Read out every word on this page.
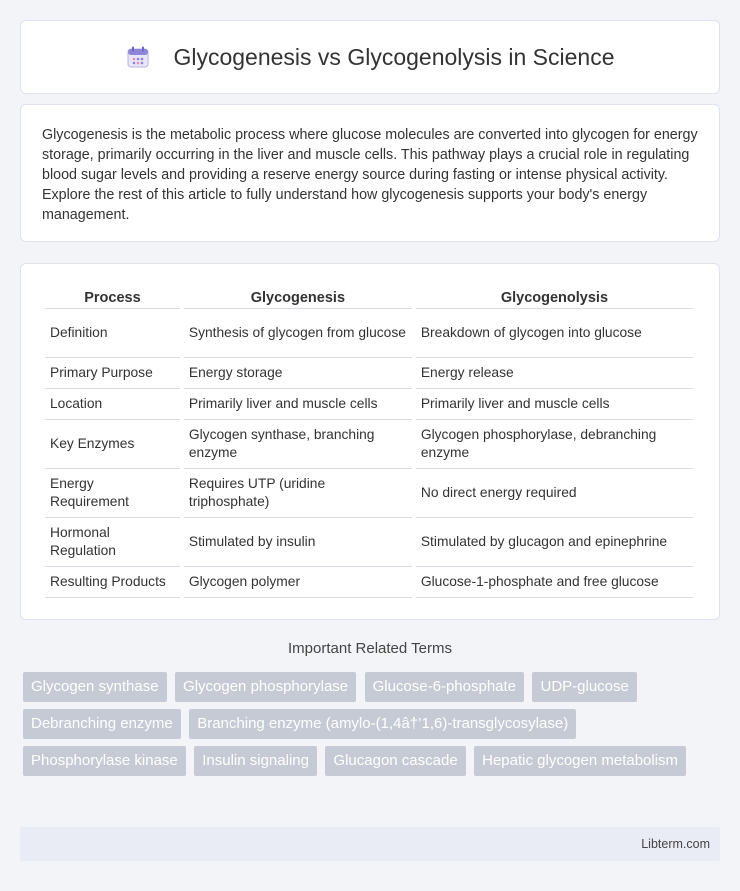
Glycogenesis vs Glycogenolysis in Science

Glycogenesis is the metabolic process where glucose molecules are converted into glycogen for energy storage, primarily occurring in the liver and muscle cells. This pathway plays a crucial role in regulating blood sugar levels and providing a reserve energy source during fasting or intense physical activity. Explore the rest of this article to fully understand how glycogenesis supports your body's energy management.

Process	Glycogenesis	Glycogenolysis
Definition	Synthesis of glycogen from glucose	Breakdown of glycogen into glucose
Primary Purpose	Energy storage	Energy release
Location	Primarily liver and muscle cells	Primarily liver and muscle cells
Key Enzymes	Glycogen synthase, branching enzyme	Glycogen phosphorylase, debranching enzyme
Energy Requirement	Requires UTP (uridine triphosphate)	No direct energy required
Hormonal Regulation	Stimulated by insulin	Stimulated by glucagon and epinephrine
Resulting Products	Glycogen polymer	Glucose-1-phosphate and free glucose
Important Related Terms
Glycogen synthase Glycogen phosphorylase Glucose-6-phosphate UDP-glucose Debranching enzyme Branching enzyme (amylo-(1,4â†’1,6)-transglycosylase) Phosphorylase kinase Insulin signaling Glucagon cascade Hepatic glycogen metabolism
Libterm.com
